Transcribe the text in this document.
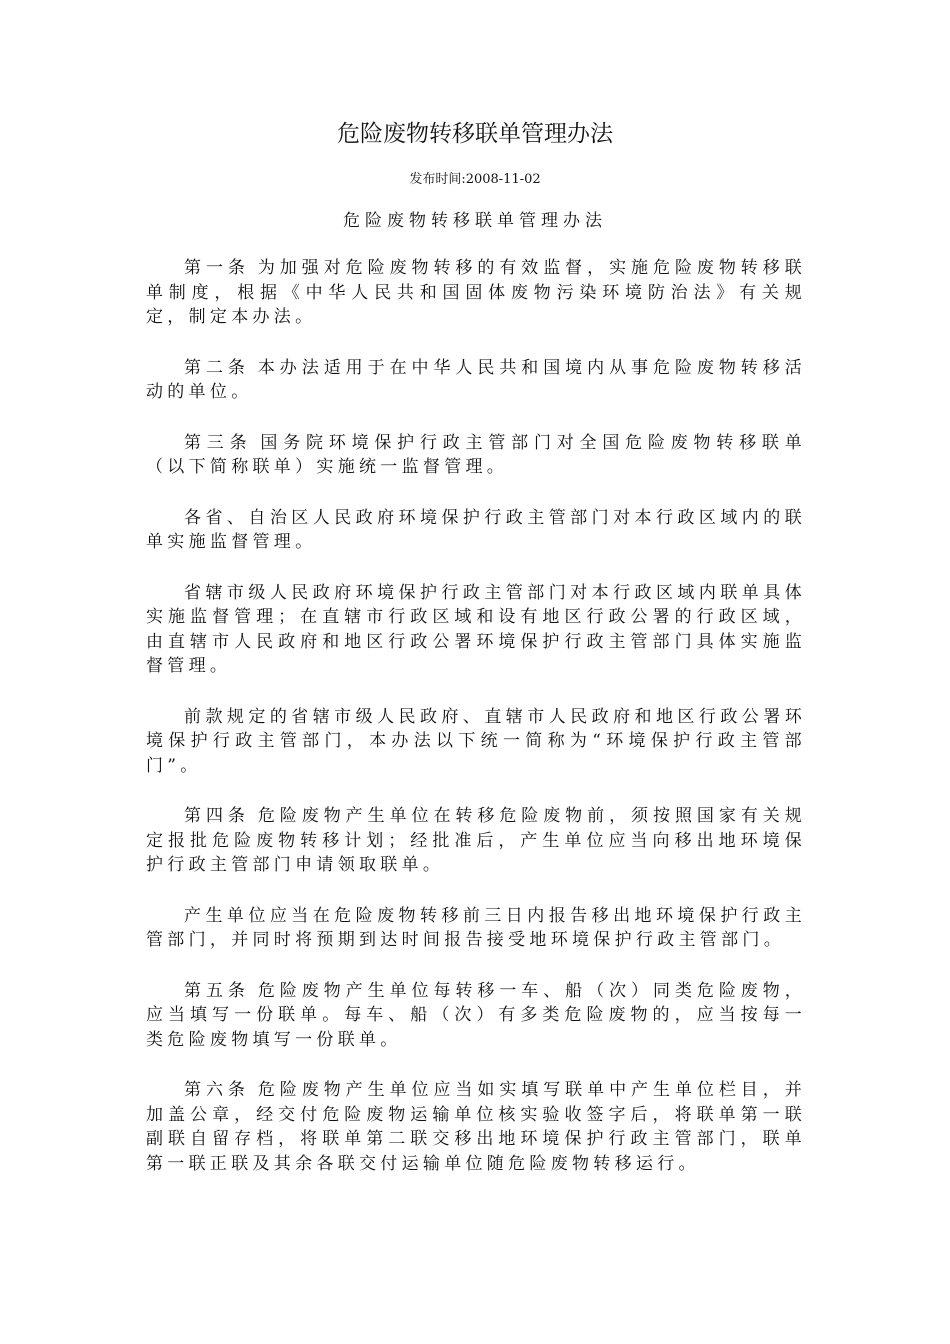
危险废物转移联单管理办法
发布时间:2008-11-02
危险废物转移联单管理办法

第一条 为加强对危险废物转移的有效监督，实施危险废物转移联单制度，根据《中华人民共和国固体废物污染环境防治法》有关规定，制定本办法。

第二条 本办法适用于在中华人民共和国境内从事危险废物转移活动的单位。

第三条 国务院环境保护行政主管部门对全国危险废物转移联单（以下简称联单）实施统一监督管理。

各省、自治区人民政府环境保护行政主管部门对本行政区域内的联单实施监督管理。

省辖市级人民政府环境保护行政主管部门对本行政区域内联单具体实施监督管理；在直辖市行政区域和设有地区行政公署的行政区域，由直辖市人民政府和地区行政公署环境保护行政主管部门具体实施监督管理。

前款规定的省辖市级人民政府、直辖市人民政府和地区行政公署环境保护行政主管部门，本办法以下统一简称为“环境保护行政主管部门”。

第四条 危险废物产生单位在转移危险废物前，须按照国家有关规定报批危险废物转移计划；经批准后，产生单位应当向移出地环境保护行政主管部门申请领取联单。

产生单位应当在危险废物转移前三日内报告移出地环境保护行政主管部门，并同时将预期到达时间报告接受地环境保护行政主管部门。

第五条 危险废物产生单位每转移一车、船（次）同类危险废物，应当填写一份联单。每车、船（次）有多类危险废物的，应当按每一类危险废物填写一份联单。

第六条 危险废物产生单位应当如实填写联单中产生单位栏目，并加盖公章，经交付危险废物运输单位核实验收签字后，将联单第一联副联自留存档，将联单第二联交移出地环境保护行政主管部门，联单第一联正联及其余各联交付运输单位随危险废物转移运行。
